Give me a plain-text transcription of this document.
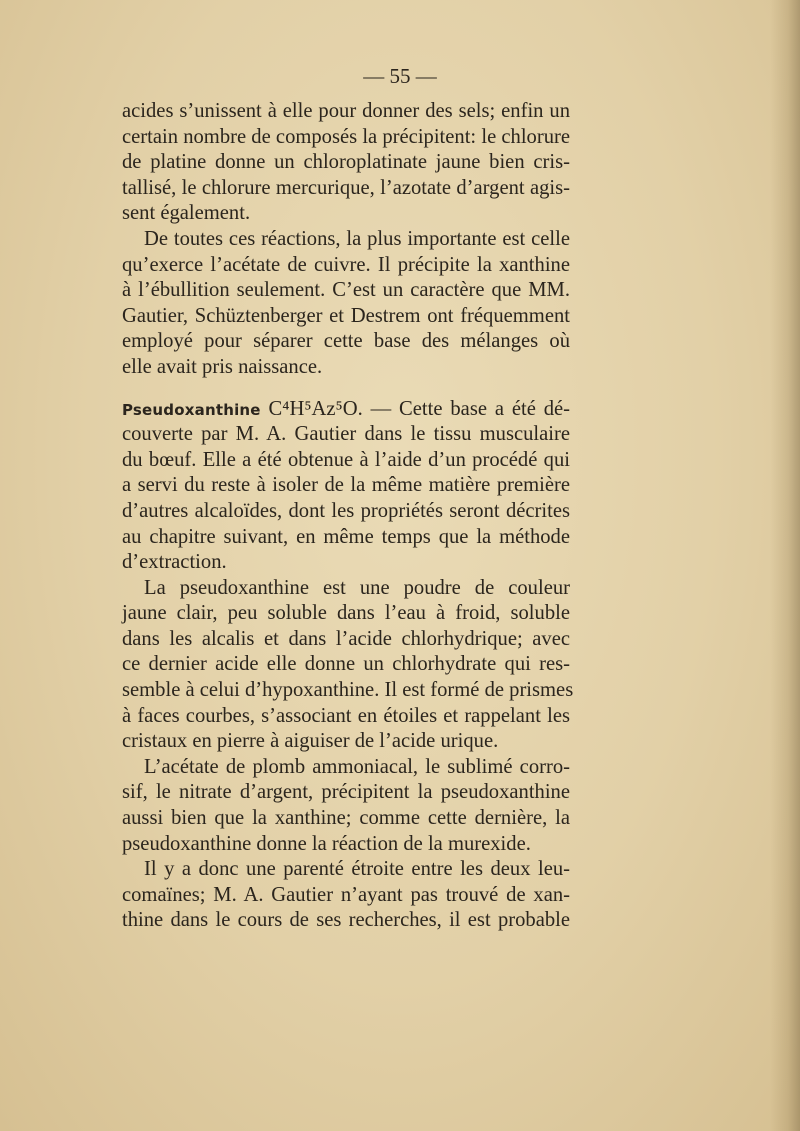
— 55 —
acides s’unissent à elle pour donner des sels; enfin un
certain nombre de composés la précipitent: le chlorure
de platine donne un chloroplatinate jaune bien cris-
tallisé, le chlorure mercurique, l’azotate d’argent agis-
sent également.
De toutes ces réactions, la plus importante est celle
qu’exerce l’acétate de cuivre. Il précipite la xanthine
à l’ébullition seulement. C’est un caractère que MM.
Gautier, Schüztenberger et Destrem ont fréquemment
employé pour séparer cette base des mélanges où
elle avait pris naissance.
Pseudoxanthine C⁴H⁵Az⁵O. — Cette base a été dé-
couverte par M. A. Gautier dans le tissu musculaire
du bœuf. Elle a été obtenue à l’aide d’un procédé qui
a servi du reste à isoler de la même matière première
d’autres alcaloïdes, dont les propriétés seront décrites
au chapitre suivant, en même temps que la méthode
d’extraction.
La pseudoxanthine est une poudre de couleur
jaune clair, peu soluble dans l’eau à froid, soluble
dans les alcalis et dans l’acide chlorhydrique; avec
ce dernier acide elle donne un chlorhydrate qui res-
semble à celui d’hypoxanthine. Il est formé de prismes
à faces courbes, s’associant en étoiles et rappelant les
cristaux en pierre à aiguiser de l’acide urique.
L’acétate de plomb ammoniacal, le sublimé corro-
sif, le nitrate d’argent, précipitent la pseudoxanthine
aussi bien que la xanthine; comme cette dernière, la
pseudoxanthine donne la réaction de la murexide.
Il y a donc une parenté étroite entre les deux leu-
comaïnes; M. A. Gautier n’ayant pas trouvé de xan-
thine dans le cours de ses recherches, il est probable
